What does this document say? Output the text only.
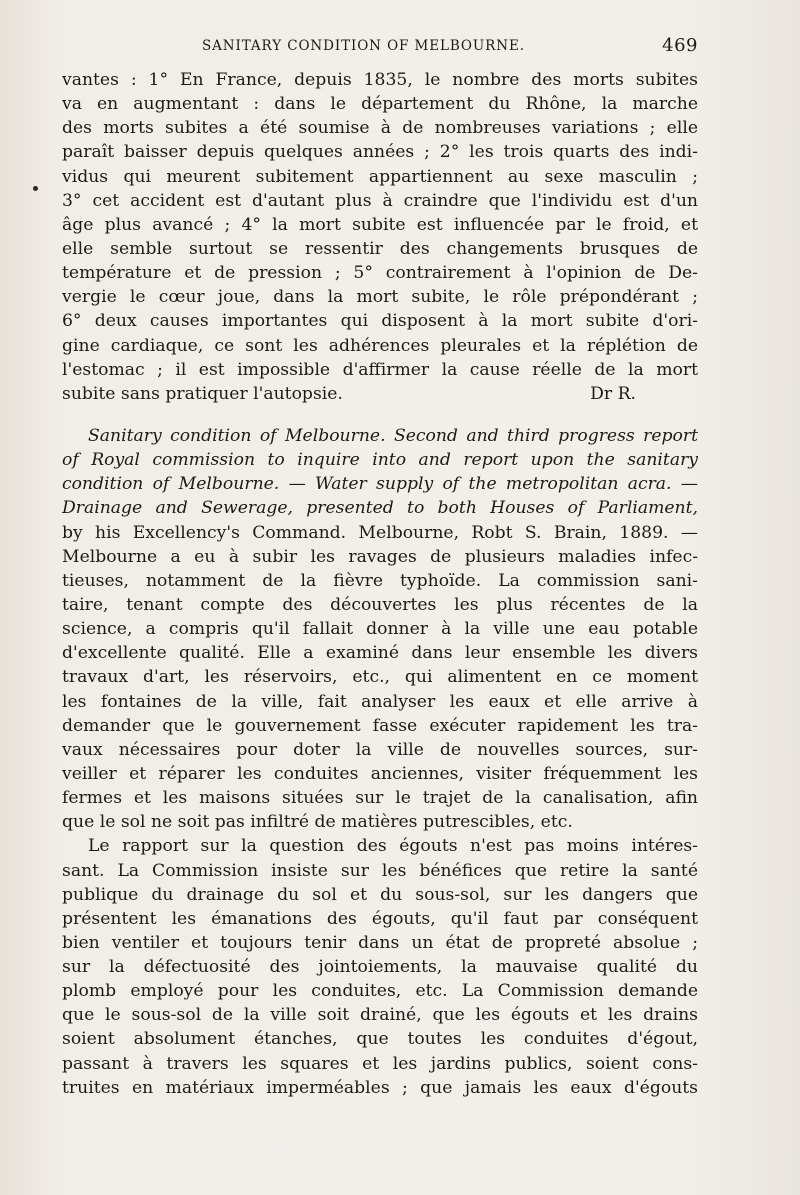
SANITARY CONDITION OF MELBOURNE.	469
vantes : 1° En France, depuis 1835, le nombre des morts subites
va en augmentant : dans le département du Rhône, la marche
des morts subites a été soumise à de nombreuses variations ; elle
paraît baisser depuis quelques années ; 2° les trois quarts des indi-
vidus qui meurent subitement appartiennent au sexe masculin ;
3° cet accident est d'autant plus à craindre que l'individu est d'un
âge plus avancé ; 4° la mort subite est influencée par le froid, et
elle semble surtout se ressentir des changements brusques de
température et de pression ; 5° contrairement à l'opinion de De-
vergie le cœur joue, dans la mort subite, le rôle prépondérant ;
6° deux causes importantes qui disposent à la mort subite d'ori-
gine cardiaque, ce sont les adhérences pleurales et la réplétion de
l'estomac ; il est impossible d'affirmer la cause réelle de la mort
subite sans pratiquer l'autopsie.	Dr R.
Sanitary condition of Melbourne. Second and third progress report
of Royal commission to inquire into and report upon the sanitary
condition of Melbourne. — Water supply of the metropolitan acra. —
Drainage and Sewerage, presented to both Houses of Parliament,
by his Excellency's Command. Melbourne, Robt S. Brain, 1889. —
Melbourne a eu à subir les ravages de plusieurs maladies infec-
tieuses, notamment de la fièvre typhoïde. La commission sani-
taire, tenant compte des découvertes les plus récentes de la
science, a compris qu'il fallait donner à la ville une eau potable
d'excellente qualité. Elle a examiné dans leur ensemble les divers
travaux d'art, les réservoirs, etc., qui alimentent en ce moment
les fontaines de la ville, fait analyser les eaux et elle arrive à
demander que le gouvernement fasse exécuter rapidement les tra-
vaux nécessaires pour doter la ville de nouvelles sources, sur-
veiller et réparer les conduites anciennes, visiter fréquemment les
fermes et les maisons situées sur le trajet de la canalisation, afin
que le sol ne soit pas infiltré de matières putrescibles, etc.
Le rapport sur la question des égouts n'est pas moins intéres-
sant. La Commission insiste sur les bénéfices que retire la santé
publique du drainage du sol et du sous-sol, sur les dangers que
présentent les émanations des égouts, qu'il faut par conséquent
bien ventiler et toujours tenir dans un état de propreté absolue ;
sur la défectuosité des jointoiements, la mauvaise qualité du
plomb employé pour les conduites, etc. La Commission demande
que le sous-sol de la ville soit drainé, que les égouts et les drains
soient absolument étanches, que toutes les conduites d'égout,
passant à travers les squares et les jardins publics, soient cons-
truites en matériaux imperméables ; que jamais les eaux d'égouts
